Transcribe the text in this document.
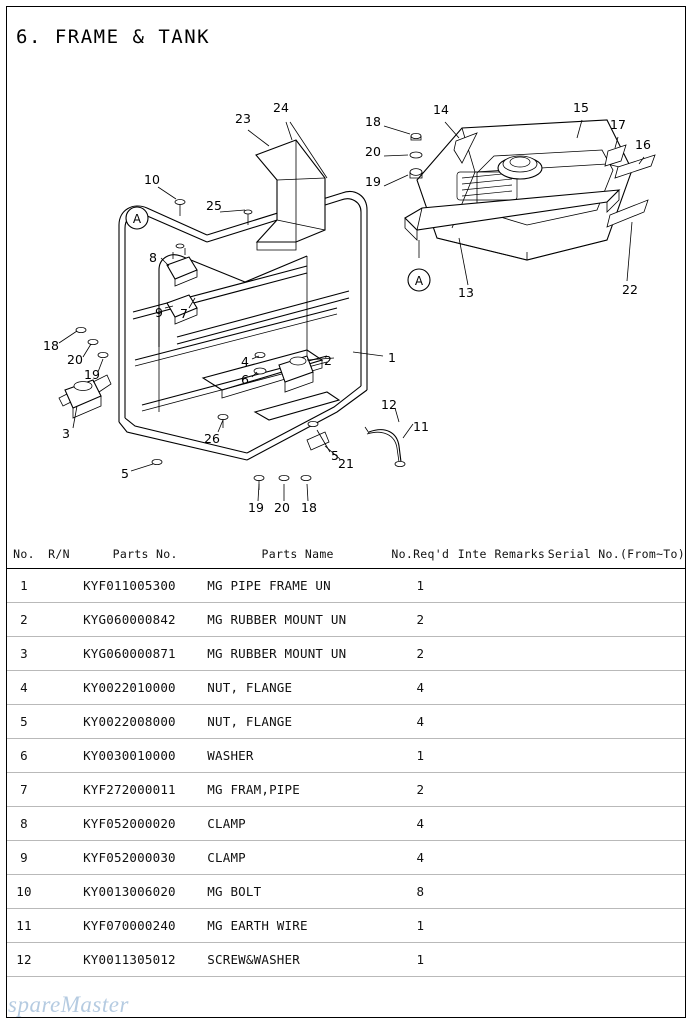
6. FRAME & TANK
24
23	18
20
19
14	15
17
16
10
25
A
A
13	22
8
9 7
18
20
19
3
4
6
2	1
26
12
11
21
5
5
19 20 18
No.	R/N	Parts No.	Parts Name	No.Req'd	Inte	Remarks	Serial No.(From~To)
1		KYF011005300	MG PIPE FRAME UN	1			
2		KYG060000842	MG RUBBER MOUNT UN	2			
3		KYG060000871	MG RUBBER MOUNT UN	2			
4		KY0022010000	NUT, FLANGE	4			
5		KY0022008000	NUT, FLANGE	4			
6		KY0030010000	WASHER	1			
7		KYF272000011	MG FRAM,PIPE	2			
8		KYF052000020	CLAMP	4			
9		KYF052000030	CLAMP	4			
10		KY0013006020	MG BOLT	8			
11		KYF070000240	MG EARTH WIRE	1			
12		KY0011305012	SCREW&WASHER	1			
spareMaster
